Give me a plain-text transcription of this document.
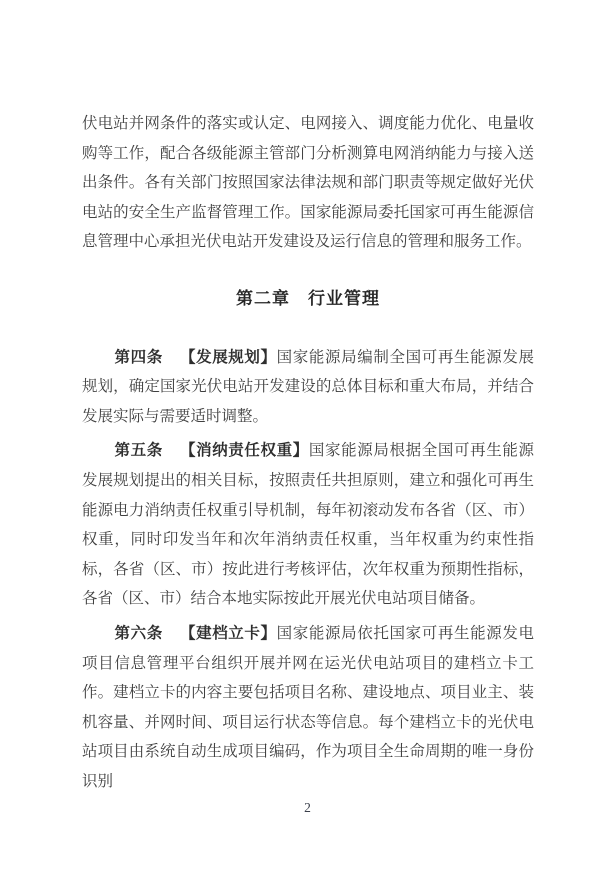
伏电站并网条件的落实或认定、电网接入、调度能力优化、电量收购等工作，配合各级能源主管部门分析测算电网消纳能力与接入送出条件。各有关部门按照国家法律法规和部门职责等规定做好光伏电站的安全生产监督管理工作。国家能源局委托国家可再生能源信息管理中心承担光伏电站开发建设及运行信息的管理和服务工作。

第二章　行业管理

第四条 【发展规划】国家能源局编制全国可再生能源发展规划，确定国家光伏电站开发建设的总体目标和重大布局，并结合发展实际与需要适时调整。

第五条 【消纳责任权重】国家能源局根据全国可再生能源发展规划提出的相关目标，按照责任共担原则，建立和强化可再生能源电力消纳责任权重引导机制，每年初滚动发布各省（区、市）权重，同时印发当年和次年消纳责任权重，当年权重为约束性指标，各省（区、市）按此进行考核评估，次年权重为预期性指标，各省（区、市）结合本地实际按此开展光伏电站项目储备。

第六条 【建档立卡】国家能源局依托国家可再生能源发电项目信息管理平台组织开展并网在运光伏电站项目的建档立卡工作。建档立卡的内容主要包括项目名称、建设地点、项目业主、装机容量、并网时间、项目运行状态等信息。每个建档立卡的光伏电站项目由系统自动生成项目编码，作为项目全生命周期的唯一身份识别

2
